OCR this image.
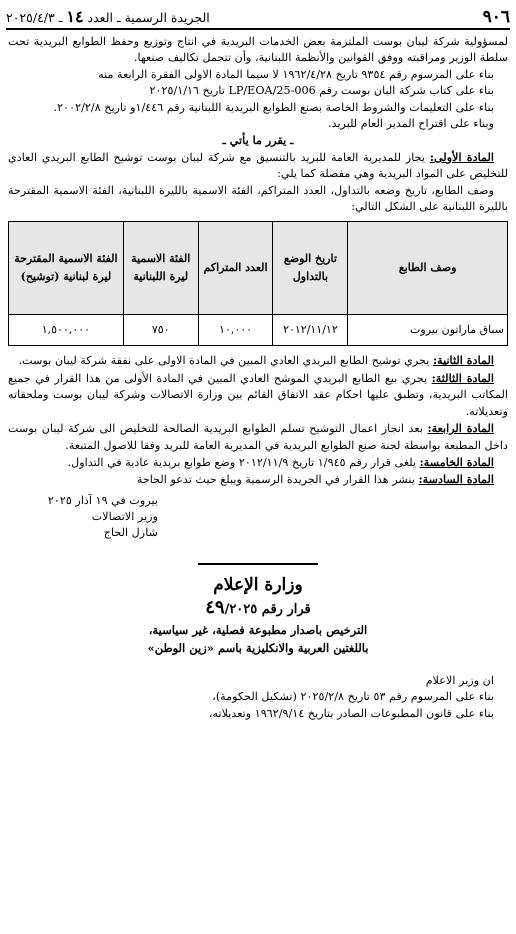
٩٠٦
الجريدة الرسمية ـ العدد١٤ـ ٢٠٢٥/٤/٣

لمسؤولية شركة ليبان بوست الملتزمة بعض الخدمات البريدية في انتاج وتوزيع وحفظ الطوابع البريدية تحت سلطة الوزير ومراقبته ووفق القوانين والأنظمة اللبنانية، وأن تتحمل تكاليف صنعها.

بناء على المرسوم رقم ٩٣٥٤ تاريخ ١٩٦٢/٤/٢٨ لا سيما المادة الاولى الفقرة الرابعة منه

بناء على كتاب شركة البان بوست رقم LP/EOA/25-006 تاريخ ٢٠٢٥/١/١٦

بناء على التعليمات والشروط الخاصة بصنع الطوابع البريدية اللبنانية رقم ١/٤٤٦و تاريخ ٢٠٠٢/٢/٨.

وبناء على اقتراح المدير العام للبريد.

ـ يقرر ما يأتي ـ

المادة الأولى: يجاز للمديرية العامة للبريد بالتنسيق مع شركة ليبان بوست توشيح الطابع البريدي العادي للتخليص على المواد البريدية وهي مفصلة كما يلي:

وصف الطابع، تاريخ وضعه بالتداول، العدد المتراكم، الفئة الاسمية بالليرة اللبنانية، الفئة الاسمية المقترحة بالليرة اللبنانية على الشكل التالي:

وصف الطابع	تاريخ الوضع بالتداول	العدد المتراكم	الفئة الاسمية ليرة اللبنانية	الفئة الاسمية المقترحة ليرة لبنانية (توشيح)
سباق ماراتون بيروت	٢٠١٢/١١/١٢	١٠,٠٠٠	٧٥٠	١,٥٠٠,٠٠٠

المادة الثانية: يجري توشيح الطابع البريدي العادي المبين في المادة الاولى على نفقة شركة ليبان بوست.

المادة الثالثة: يجري بيع الطابع البريدي الموشح العادي المبين في المادة الأولى من هذا القرار في جميع المكاتب البريدية، وتطبق عليها احكام عقد الاتفاق القائم بين وزارة الاتصالات وشركة ليبان بوست وملحقاته وتعديلاته.

المادة الرابعة: بعد انجاز اعمال التوشيح تسلم الطوابع البريدية الصالحة للتخليص الى شركة ليبان بوست داخل المطبعة بواسطة لجنة صنع الطوابع البريدية في المديرية العامة للبريد وفقا للاصول المتبعة.

المادة الخامسة: يلغى قرار رقم ١/٩٤٥ تاريخ ٢٠١٢/١١/٩ وضع طوابع بريدية عادية في التداول.

المادة السادسة: ينشر هذا القرار في الجريدة الرسمية ويبلغ حيث تدعو الحاجة

بيروت في ١٩ آذار ٢٠٢٥
وزير الاتصالات
شارل الحاج
وزارة الإعلام
قرار رقم ٤٩/٢٠٢٥
الترخيص باصدار مطبوعة فصلية، غير سياسية،
باللغتين العربية والانكليزية باسم «زين الوطن»

ان وزير الاعلام

بناء على المرسوم رقم ٥٣ تاريخ ٢٠٢٥/٢/٨ (تشكيل الحكومة)،

بناء على قانون المطبوعات الصادر بتاريخ ١٩٦٢/٩/١٤ وتعديلاته،
